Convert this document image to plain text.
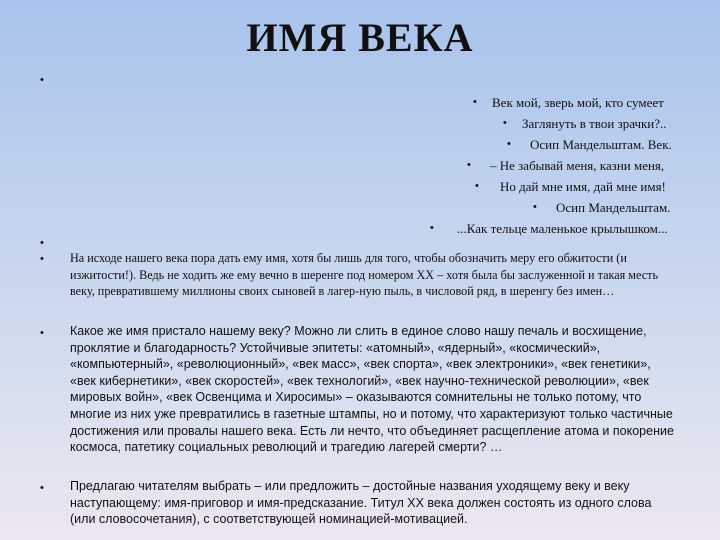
ИМЯ ВЕКА
•
• Век мой, зверь мой, кто сумеет
• Заглянуть в твои зрачки?..
• Осип Мандельштам. Век.
• – Не забывай меня, казни меня,
• Но дай мне имя, дай мне имя!
• Осип Мандельштам.
• ...Как тельце маленькое крылышком...
•
• На исходе нашего века пора дать ему имя, хотя бы лишь для того, чтобы обозначить меру его обжитости (и изжитости!). Ведь не ходить же ему вечно в шеренге под номером ХХ – хотя была бы заслуженной и такая месть веку, превратившему миллионы своих сыновей в лагер-ную пыль, в числовой ряд, в шеренгу без имен…
• Какое же имя пристало нашему веку? Можно ли слить в единое слово нашу печаль и восхищение, проклятие и благодарность? Устойчивые эпитеты: «атомный», «ядерный», «космический», «компьютерный», «революционный», «век масс», «век спорта», «век электроники», «век генетики», «век кибернетики», «век скоростей», «век технологий», «век научно-технической революции», «век мировых войн», «век Освенцима и Хиросимы» – оказываются сомнительны не только потому, что многие из них уже превратились в газетные штампы, но и потому, что характеризуют только частичные достижения или провалы нашего века. Есть ли нечто, что объединяет расщепление атома и покорение космоса, патетику социальных революций и трагедию лагерей смерти? …
• Предлагаю читателям выбрать – или предложить – достойные названия уходящему веку и веку наступающему: имя-приговор и имя-предсказание. Титул XX века должен состоять из одного слова (или словосочетания), с соответствующей номинацией-мотивацией.
